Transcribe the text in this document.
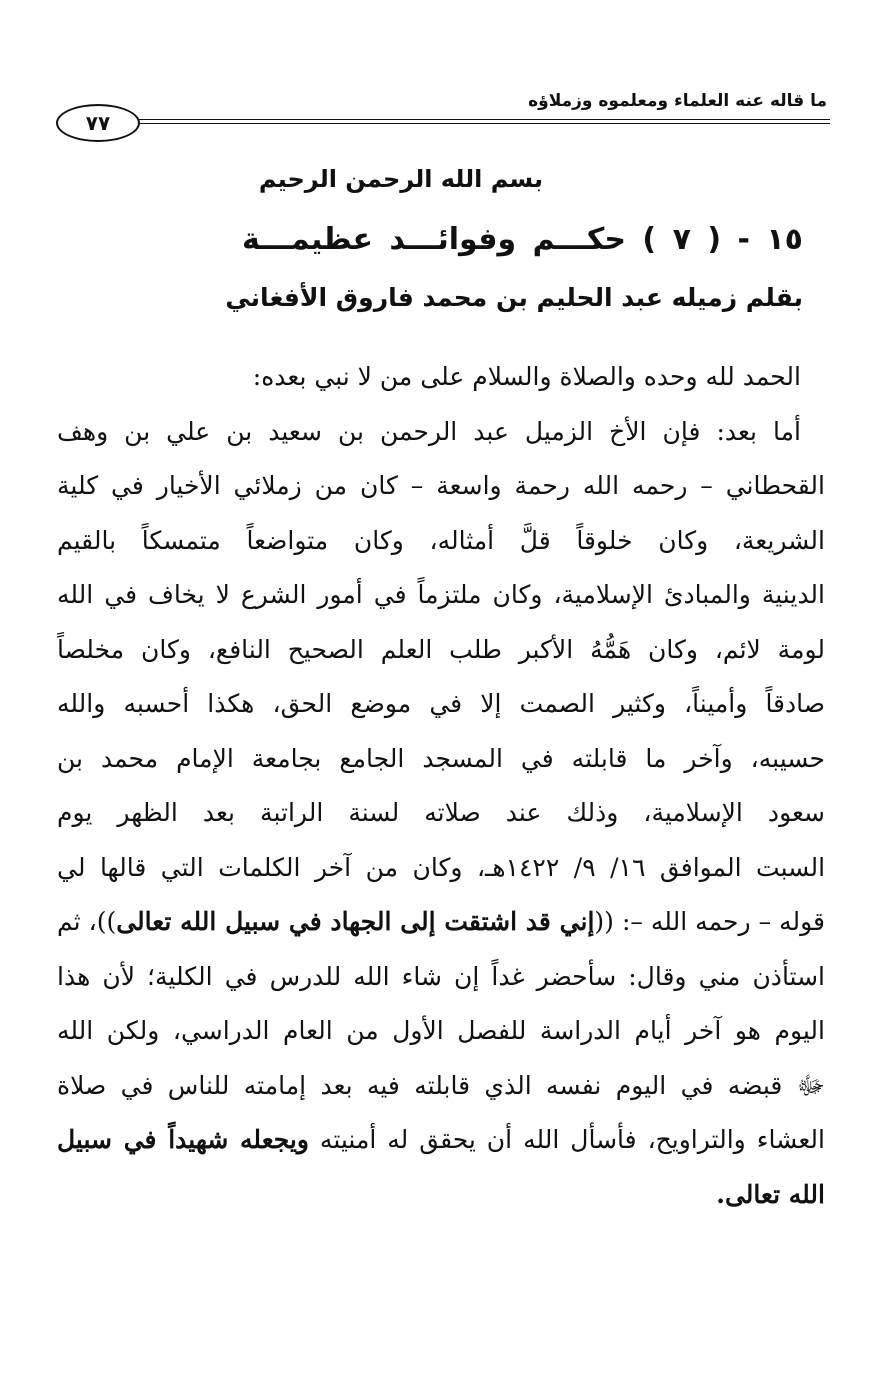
ما قاله عنه العلماء ومعلموه وزملاؤه
٧٧
بسم الله الرحمن الرحيم
١٥ - ( ٧ ) حكـــم وفوائـــد عظيمـــة
بقلم زميله عبد الحليم بن محمد فاروق الأفغاني
الحمد لله وحده والصلاة والسلام على من لا نبي بعده:
أما بعد: فإن الأخ الزميل عبد الرحمن بن سعيد بن علي بن وهف
القحطاني – رحمه الله رحمة واسعة – كان من زملائي الأخيار في كلية
الشريعة، وكان خلوقاً قلَّ أمثاله، وكان متواضعاً متمسكاً بالقيم
الدينية والمبادئ الإسلامية، وكان ملتزماً في أمور الشرع لا يخاف في الله
لومة لائم، وكان هَمُّهُ الأكبر طلب العلم الصحيح النافع، وكان مخلصاً
صادقاً وأميناً، وكثير الصمت إلا في موضع الحق، هكذا أحسبه والله
حسيبه، وآخر ما قابلته في المسجد الجامع بجامعة الإمام محمد بن
سعود الإسلامية، وذلك عند صلاته لسنة الراتبة بعد الظهر يوم
السبت الموافق ١٦/ ٩/ ١٤٢٢هـ، وكان من آخر الكلمات التي قالها لي
قوله – رحمه الله –: ((إني قد اشتقت إلى الجهاد في سبيل الله تعالى))، ثم
استأذن مني وقال: سأحضر غداً إن شاء الله للدرس في الكلية؛ لأن هذا
اليوم هو آخر أيام الدراسة للفصل الأول من العام الدراسي، ولكن الله
ﷻ قبضه في اليوم نفسه الذي قابلته فيه بعد إمامته للناس في صلاة
العشاء والتراويح، فأسأل الله أن يحقق له أمنيته ويجعله شهيداً في سبيل
الله تعالى.
